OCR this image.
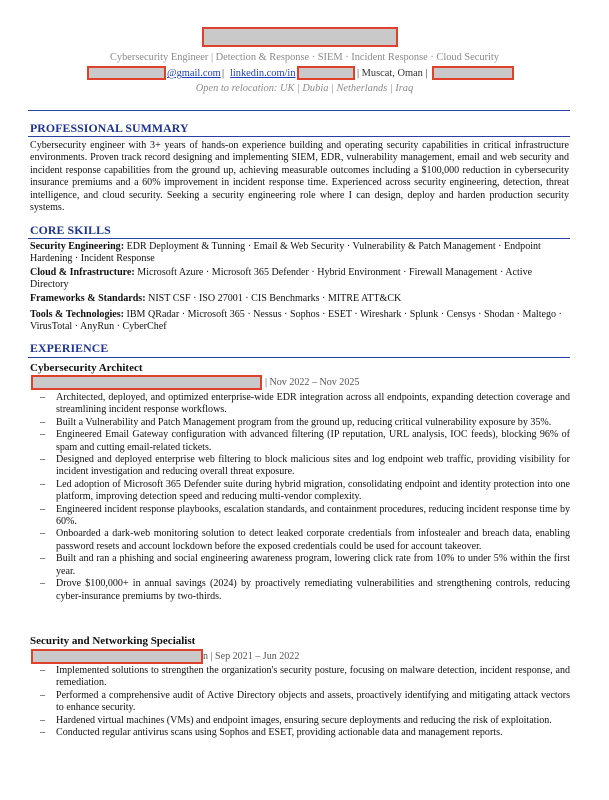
Cybersecurity Engineer | Detection & Response · SIEM · Incident Response · Cloud Security
@gmail.com | linkedin.com/in	| Muscat, Oman |
Open to relocation: UK | Dubia | Netherlands | Iraq
PROFESSIONAL SUMMARY
Cybersecurity engineer with 3+ years of hands-on experience building and operating security capabilities in critical infrastructure environments. Proven track record designing and implementing SIEM, EDR, vulnerability management, email and web security and incident response capabilities from the ground up, achieving measurable outcomes including a $100,000 reduction in cybersecurity insurance premiums and a 60% improvement in incident response time. Experienced across security engineering, detection, threat intelligence, and cloud security. Seeking a security engineering role where I can design, deploy and harden production security systems.
CORE SKILLS
Security Engineering: EDR Deployment & Tunning · Email & Web Security · Vulnerability & Patch Management · Endpoint Hardening · Incident Response
Cloud & Infrastructure: Microsoft Azure · Microsoft 365 Defender · Hybrid Environment · Firewall Management · Active Directory
Frameworks & Standards: NIST CSF · ISO 27001 · CIS Benchmarks · MITRE ATT&CK
Tools & Technologies: IBM QRadar · Microsoft 365 · Nessus · Sophos · ESET · Wireshark · Splunk · Censys · Shodan · Maltego · VirusTotal · AnyRun · CyberChef
EXPERIENCE
Cybersecurity Architect
| Nov 2022 – Nov 2025
– Architected, deployed, and optimized enterprise-wide EDR integration across all endpoints, expanding detection coverage and streamlining incident response workflows.
– Built a Vulnerability and Patch Management program from the ground up, reducing critical vulnerability exposure by 35%.
– Engineered Email Gateway configuration with advanced filtering (IP reputation, URL analysis, IOC feeds), blocking 96% of spam and cutting email-related tickets.
– Designed and deployed enterprise web filtering to block malicious sites and log endpoint web traffic, providing visibility for incident investigation and reducing overall threat exposure.
– Led adoption of Microsoft 365 Defender suite during hybrid migration, consolidating endpoint and identity protection into one platform, improving detection speed and reducing multi-vendor complexity.
– Engineered incident response playbooks, escalation standards, and containment procedures, reducing incident response time by 60%.
– Onboarded a dark-web monitoring solution to detect leaked corporate credentials from infostealer and breach data, enabling password resets and account lockdown before the exposed credentials could be used for account takeover.
– Built and ran a phishing and social engineering awareness program, lowering click rate from 10% to under 5% within the first year.
– Drove $100,000+ in annual savings (2024) by proactively remediating vulnerabilities and strengthening controls, reducing cyber-insurance premiums by two-thirds.
Security and Networking Specialist
n | Sep 2021 – Jun 2022
– Implemented solutions to strengthen the organization's security posture, focusing on malware detection, incident response, and remediation.
– Performed a comprehensive audit of Active Directory objects and assets, proactively identifying and mitigating attack vectors to enhance security.
– Hardened virtual machines (VMs) and endpoint images, ensuring secure deployments and reducing the risk of exploitation.
– Conducted regular antivirus scans using Sophos and ESET, providing actionable data and management reports.
